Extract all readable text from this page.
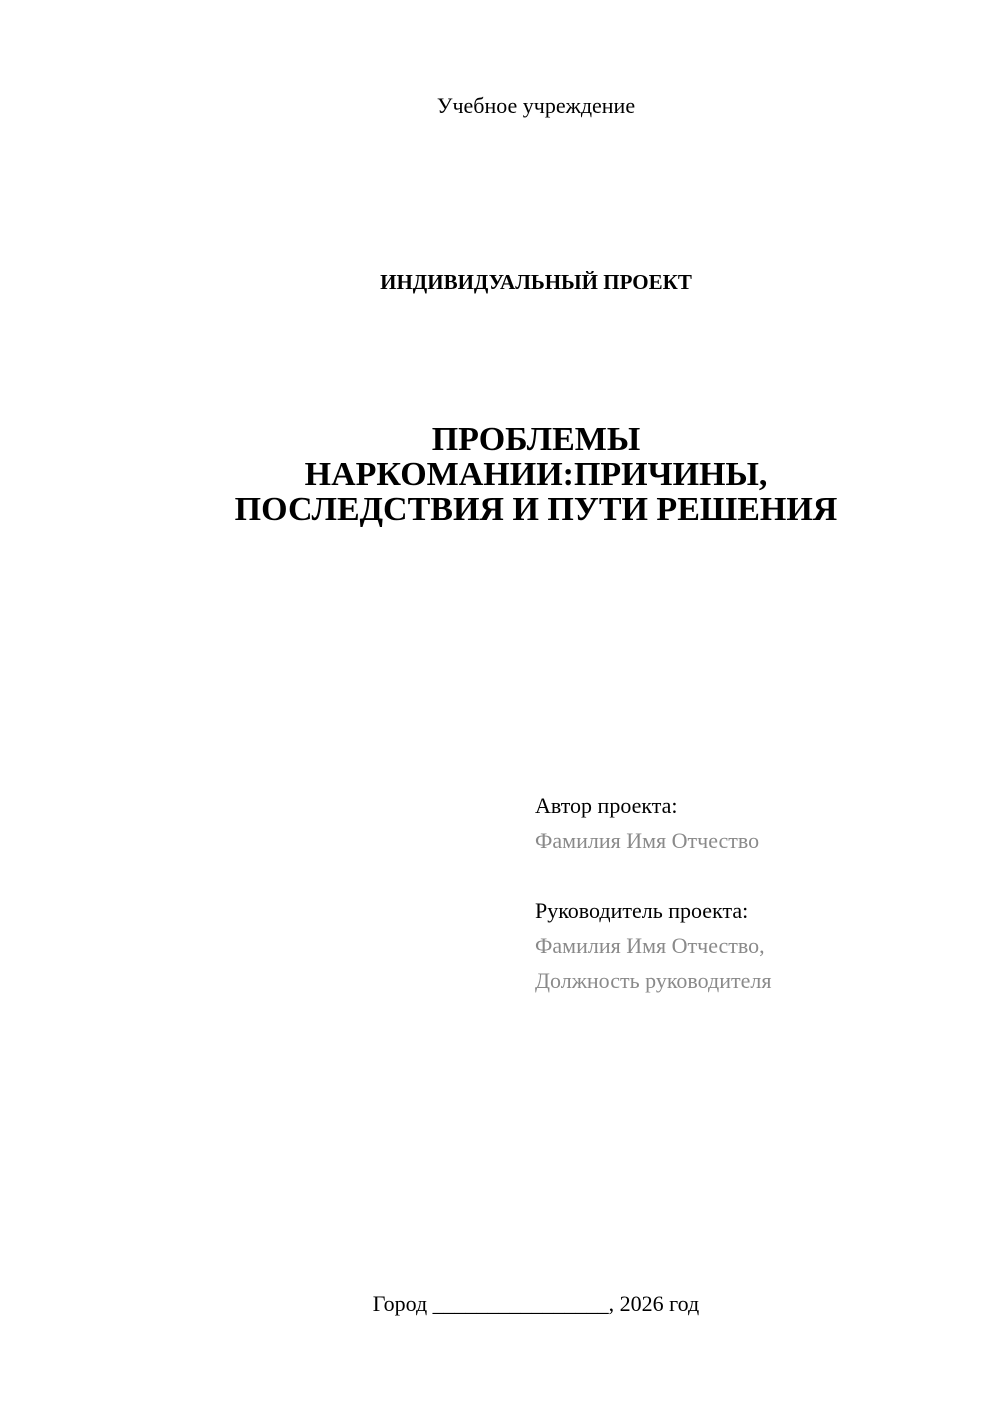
Учебное учреждение
ИНДИВИДУАЛЬНЫЙ ПРОЕКТ
ПРОБЛЕМЫ
НАРКОМАНИИ:ПРИЧИНЫ,
ПОСЛЕДСТВИЯ И ПУТИ РЕШЕНИЯ
Автор проекта:
Фамилия Имя Отчество
Руководитель проекта:
Фамилия Имя Отчество,
Должность руководителя
Город ________________, 2026 год
